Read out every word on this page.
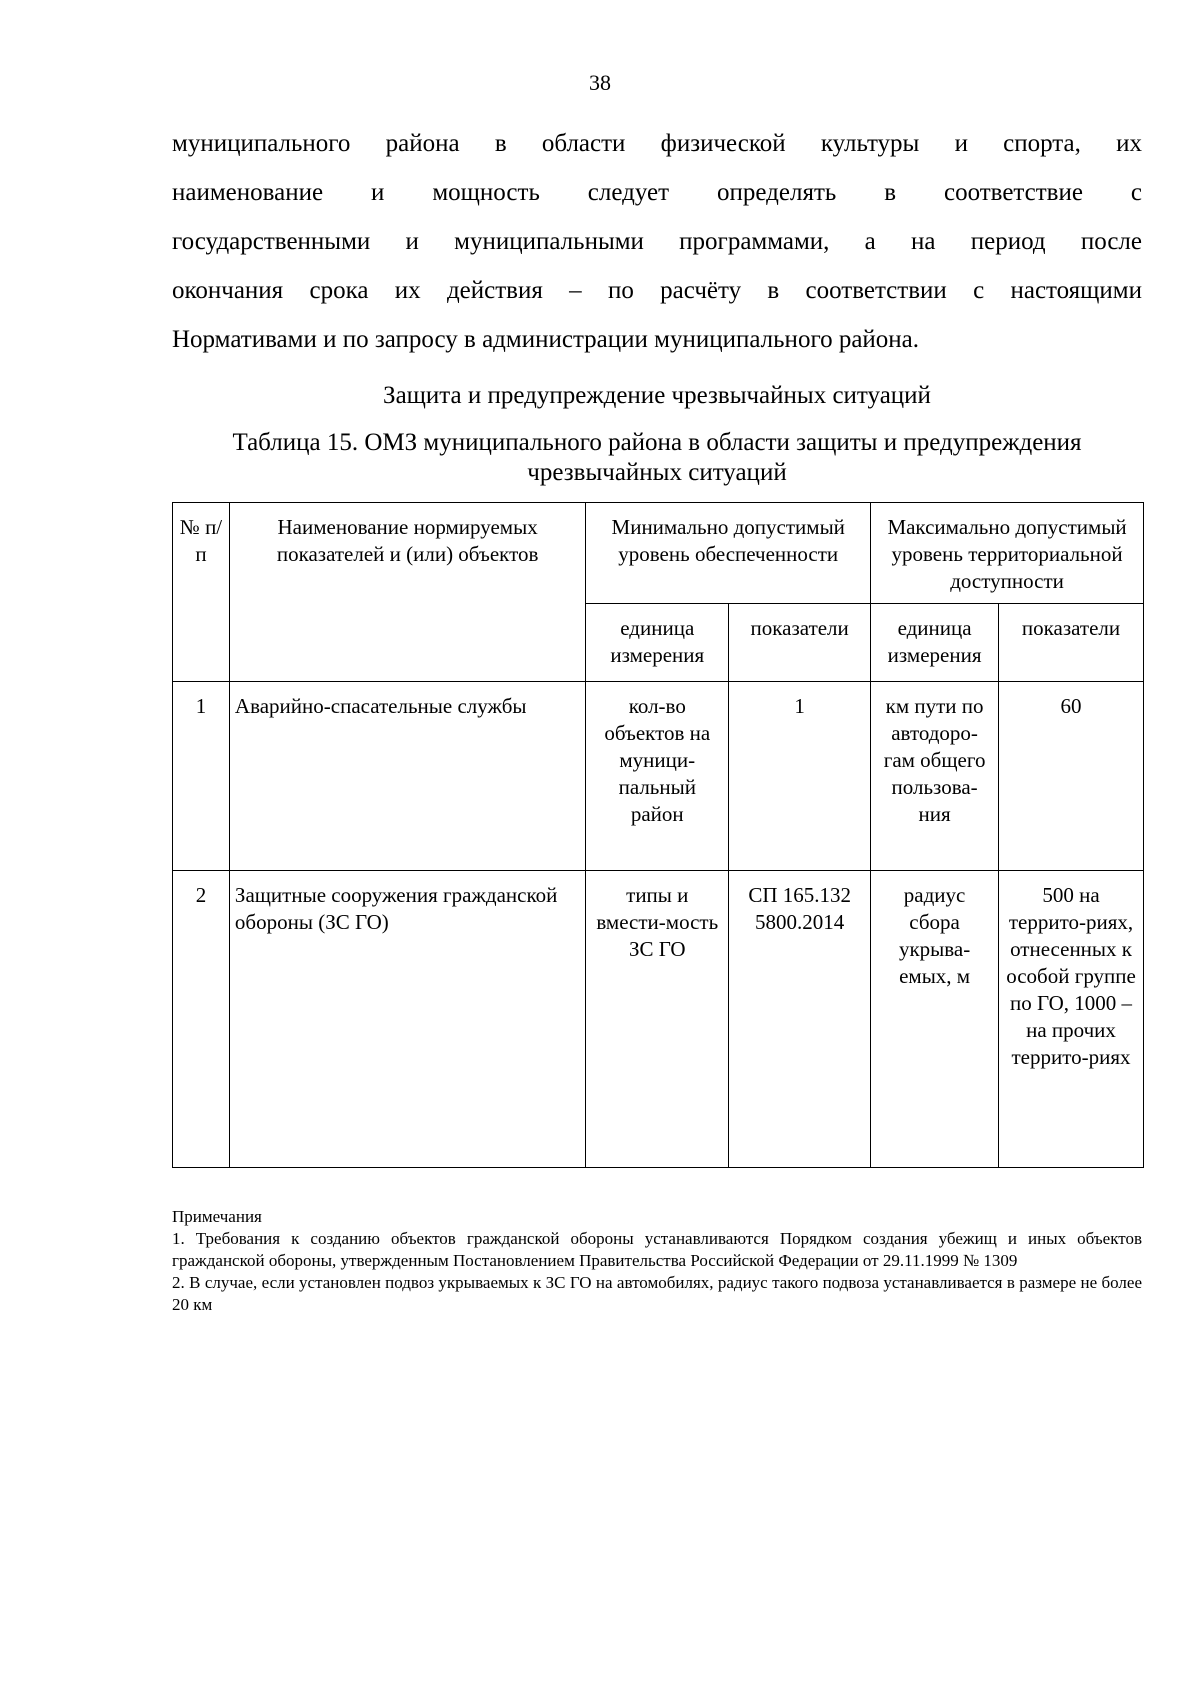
38
муниципального района в области физической культуры и спорта, их
наименование и мощность следует определять в соответствие с
государственными и муниципальными программами, а на период после
окончания срока их действия – по расчёту в соответствии с настоящими
Нормативами и по запросу в администрации муниципального района.
Защита и предупреждение чрезвычайных ситуаций
Таблица 15. ОМЗ муниципального района в области защиты и предупреждения чрезвычайных ситуаций
№ п/п	Наименование нормируемых показателей и (или) объектов	Минимально допустимый уровень обеспеченности		Максимально допустимый уровень территориальной доступности	
		единица измерения	показатели	единица измерения	показатели
1	Аварийно-спасательные службы	кол-во объектов на муници-пальный район	1	км пути по автодоро-гам общего пользова-ния	60
2	Защитные сооружения гражданской обороны (ЗС ГО)	типы и вмести-мость ЗС ГО	СП 165.132 5800.2014	радиус сбора укрыва-емых, м	500 на террито-риях, отнесенных к особой группе по ГО, 1000 – на прочих террито-риях

Примечания

1. Требования к созданию объектов гражданской обороны устанавливаются Порядком создания убежищ и иных объектов гражданской обороны, утвержденным Постановлением Правительства Российской Федерации от 29.11.1999 № 1309

2. В случае, если установлен подвоз укрываемых к ЗС ГО на автомобилях, радиус такого подвоза устанавливается в размере не более 20 км
